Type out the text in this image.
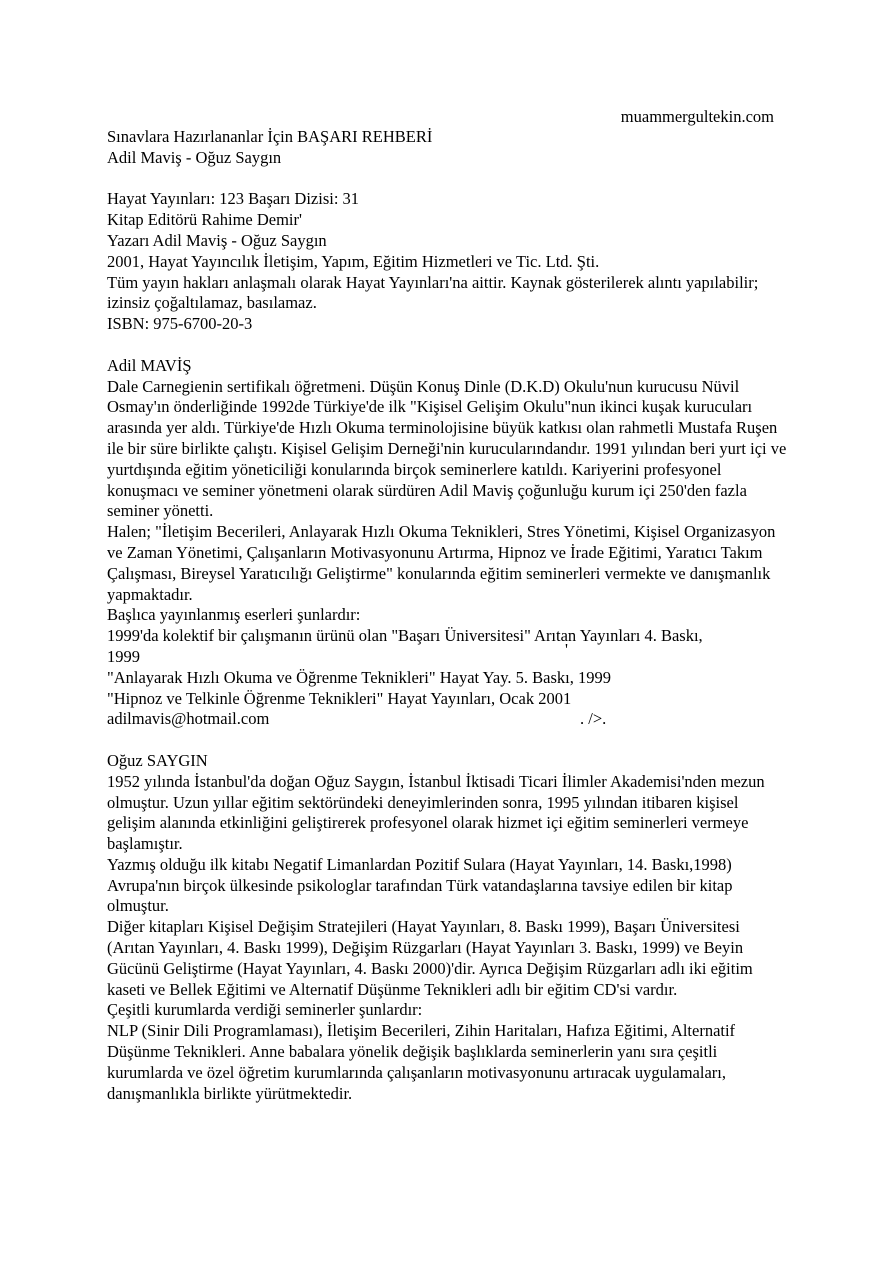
muammergultekin.com

Sınavlara Hazırlananlar İçin BAŞARI REHBERİ

Adil Maviş - Oğuz Saygın

Hayat Yayınları: 123 Başarı Dizisi: 31

Kitap Editörü Rahime Demir'

Yazarı Adil Maviş - Oğuz Saygın

2001, Hayat Yayıncılık İletişim, Yapım, Eğitim Hizmetleri ve Tic. Ltd. Şti.

Tüm yayın hakları anlaşmalı olarak Hayat Yayınları'na aittir. Kaynak gösterilerek alıntı yapılabilir; izinsiz çoğaltılamaz, basılamaz.

ISBN: 975-6700-20-3

Adil MAVİŞ

Dale Carnegienin sertifikalı öğretmeni. Düşün Konuş Dinle (D.K.D) Okulu'nun kurucusu Nüvil Osmay'ın önderliğinde 1992de Türkiye'de ilk "Kişisel Gelişim Okulu"nun ikinci kuşak kurucuları arasında yer aldı. Türkiye'de Hızlı Okuma terminolojisine büyük katkısı olan rahmetli Mustafa Ruşen ile bir süre birlikte çalıştı. Kişisel Gelişim Derneği'nin kurucularındandır. 1991 yılından beri yurt içi ve yurtdışında eğitim yöneticiliği konularında birçok seminerlere katıldı. Kariyerini profesyonel konuşmacı ve seminer yönetmeni olarak sürdüren Adil Maviş çoğunluğu kurum içi 250'den fazla seminer yönetti.

Halen; "İletişim Becerileri, Anlayarak Hızlı Okuma Teknikleri, Stres Yönetimi, Kişisel Organizasyon ve Zaman Yönetimi, Çalışanların Motivasyonunu Artırma, Hipnoz ve İrade Eğitimi, Yaratıcı Takım Çalışması, Bireysel Yaratıcılığı Geliştirme" konularında eğitim seminerleri vermekte ve danışmanlık yapmaktadır.

Başlıca yayınlanmış eserleri şunlardır:

1999'da kolektif bir çalışmanın ürünü olan "Başarı Üniversitesi" Arıtan Yayınları 4. Baskı,

1999	'

"Anlayarak Hızlı Okuma ve Öğrenme Teknikleri" Hayat Yay. 5. Baskı, 1999

"Hipnoz ve Telkinle Öğrenme Teknikleri" Hayat Yayınları, Ocak 2001

adilmavis@hotmail.com	. />.

Oğuz SAYGIN

1952 yılında İstanbul'da doğan Oğuz Saygın, İstanbul İktisadi Ticari İlimler Akademisi'nden mezun olmuştur. Uzun yıllar eğitim sektöründeki deneyimlerinden sonra, 1995 yılından itibaren kişisel gelişim alanında etkinliğini geliştirerek profesyonel olarak hizmet içi eğitim seminerleri vermeye başlamıştır.

Yazmış olduğu ilk kitabı Negatif Limanlardan Pozitif Sulara (Hayat Yayınları, 14. Baskı,1998) Avrupa'nın birçok ülkesinde psikologlar tarafından Türk vatandaşlarına tavsiye edilen bir kitap olmuştur.

Diğer kitapları Kişisel Değişim Stratejileri (Hayat Yayınları, 8. Baskı 1999), Başarı Üniversitesi (Arıtan Yayınları, 4. Baskı 1999), Değişim Rüzgarları (Hayat Yayınları 3. Baskı, 1999) ve Beyin Gücünü Geliştirme (Hayat Yayınları, 4. Baskı 2000)'dir. Ayrıca Değişim Rüzgarları adlı iki eğitim kaseti ve Bellek Eğitimi ve Alternatif Düşünme Teknikleri adlı bir eğitim CD'si vardır.

Çeşitli kurumlarda verdiği seminerler şunlardır:

NLP (Sinir Dili Programlaması), İletişim Becerileri, Zihin Haritaları, Hafıza Eğitimi, Alternatif Düşünme Teknikleri. Anne babalara yönelik değişik başlıklarda seminerlerin yanı sıra çeşitli kurumlarda ve özel öğretim kurumlarında çalışanların motivasyonunu artıracak uygulamaları, danışmanlıkla birlikte yürütmektedir.
